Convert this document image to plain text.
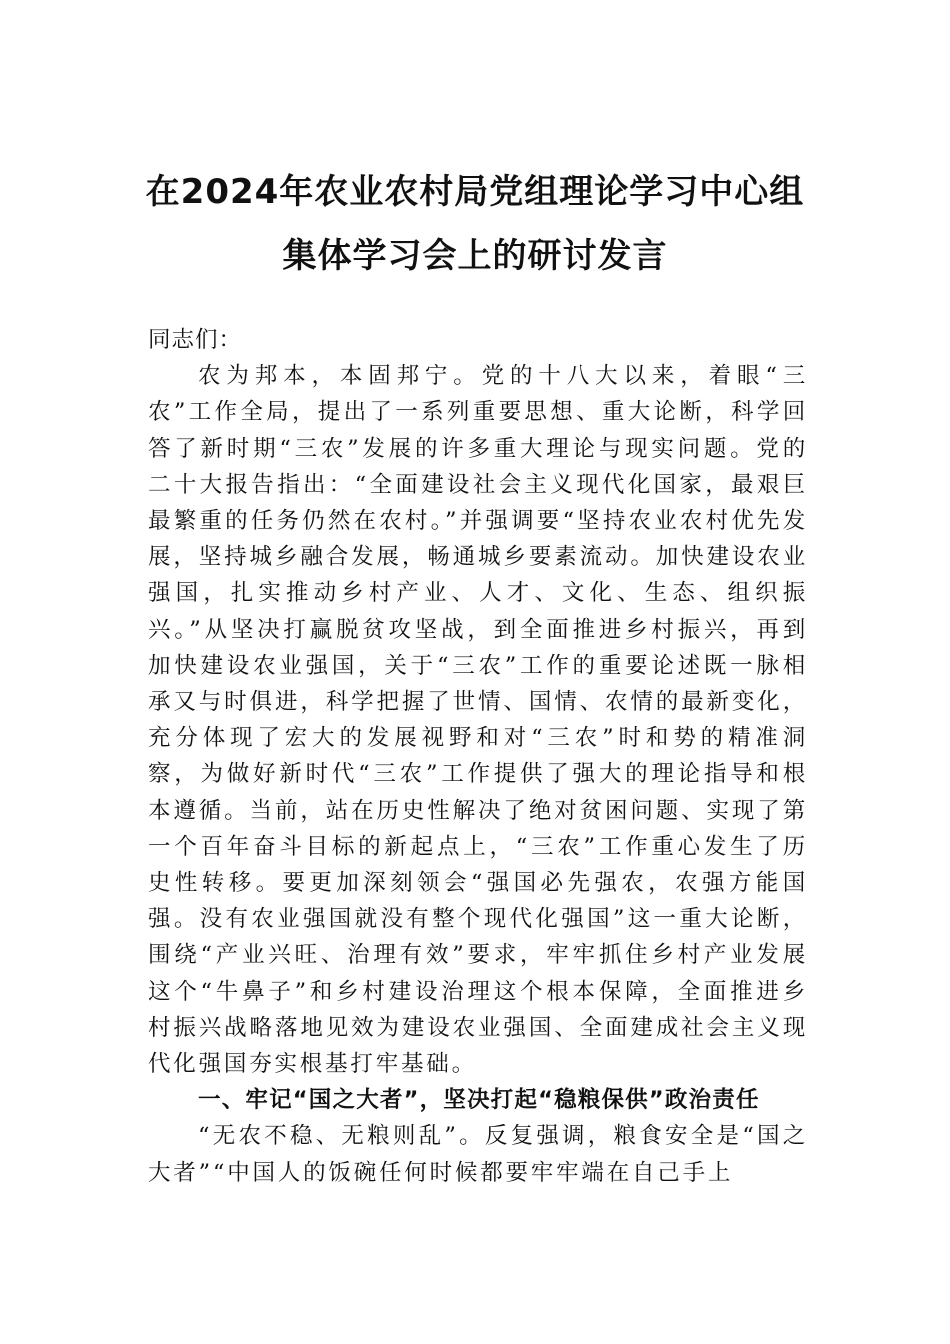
在2024年农业农村局党组理论学习中心组
集体学习会上的研讨发言

同志们：

农为邦本，本固邦宁。党的十八大以来，着眼“三农”工作全局，提出了一系列重要思想、重大论断，科学回答了新时期“三农”发展的许多重大理论与现实问题。党的二十大报告指出：“全面建设社会主义现代化国家，最艰巨最繁重的任务仍然在农村。”并强调要“坚持农业农村优先发展，坚持城乡融合发展，畅通城乡要素流动。加快建设农业强国，扎实推动乡村产业、人才、文化、生态、组织振兴。”从坚决打赢脱贫攻坚战，到全面推进乡村振兴，再到加快建设农业强国，关于“三农”工作的重要论述既一脉相承又与时俱进，科学把握了世情、国情、农情的最新变化，充分体现了宏大的发展视野和对“三农”时和势的精准洞察，为做好新时代“三农”工作提供了强大的理论指导和根本遵循。当前，站在历史性解决了绝对贫困问题、实现了第一个百年奋斗目标的新起点上，“三农”工作重心发生了历史性转移。要更加深刻领会“强国必先强农，农强方能国强。没有农业强国就没有整个现代化强国”这一重大论断，围绕“产业兴旺、治理有效”要求，牢牢抓住乡村产业发展这个“牛鼻子”和乡村建设治理这个根本保障，全面推进乡村振兴战略落地见效为建设农业强国、全面建成社会主义现代化强国夯实根基打牢基础。

一、牢记“国之大者”，坚决打起“稳粮保供”政治责任

“无农不稳、无粮则乱”。反复强调，粮食安全是“国之大者”“中国人的饭碗任何时候都要牢牢端在自己手上
